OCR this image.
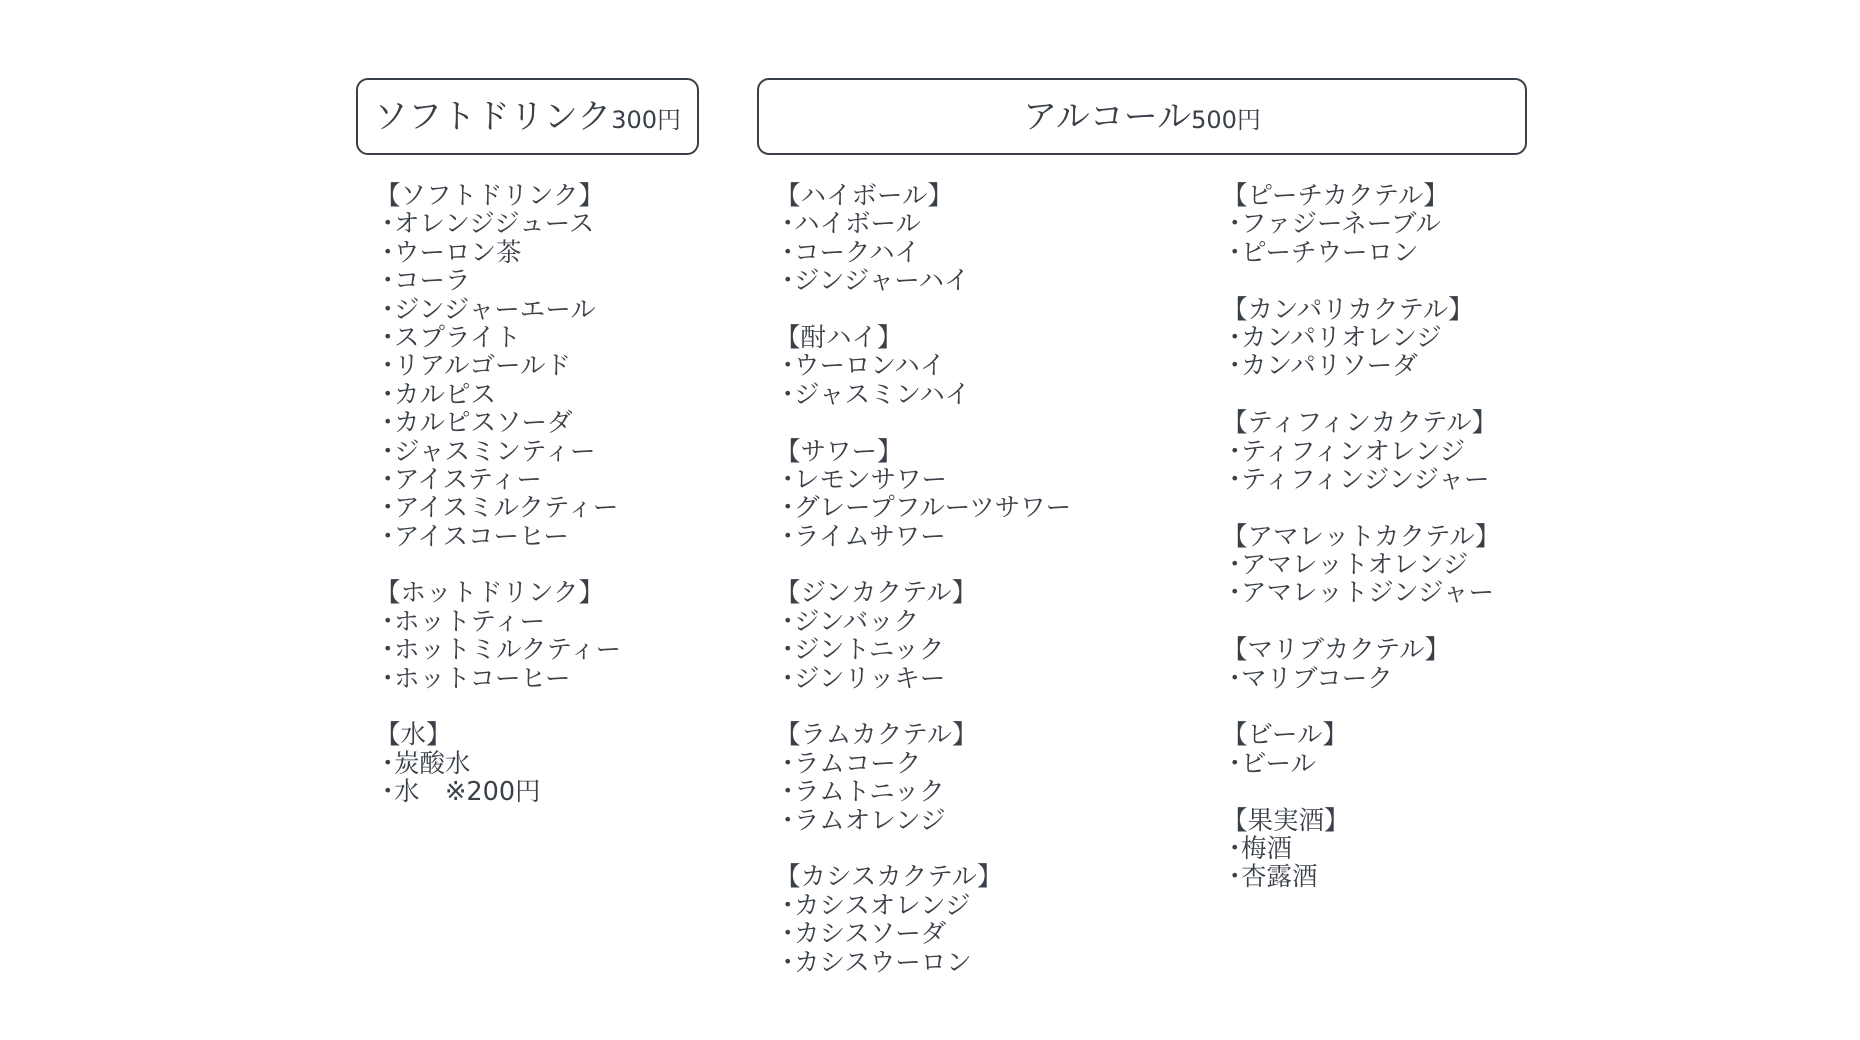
ソフトドリンク 300円	アルコール 500円
【ソフトドリンク】
・オレンジジュース
・ウーロン茶
・コーラ
・ジンジャーエール
・スプライト
・リアルゴールド
・カルピス
・カルピスソーダ
・ジャスミンティー
・アイスティー
・アイスミルクティー
・アイスコーヒー
【ホットドリンク】
・ホットティー
・ホットミルクティー
・ホットコーヒー
【水】
・炭酸水
・水　※200円
【ハイボール】
・ハイボール
・コークハイ
・ジンジャーハイ
【酎ハイ】
・ウーロンハイ
・ジャスミンハイ
【サワー】
・レモンサワー
・グレープフルーツサワー
・ライムサワー
【ジンカクテル】
・ジンバック
・ジントニック
・ジンリッキー
【ラムカクテル】
・ラムコーク
・ラムトニック
・ラムオレンジ
【カシスカクテル】
・カシスオレンジ
・カシスソーダ
・カシスウーロン
【ピーチカクテル】
・ファジーネーブル
・ピーチウーロン
【カンパリカクテル】
・カンパリオレンジ
・カンパリソーダ
【ティフィンカクテル】
・ティフィンオレンジ
・ティフィンジンジャー
【アマレットカクテル】
・アマレットオレンジ
・アマレットジンジャー
【マリブカクテル】
・マリブコーク
【ビール】
・ビール
【果実酒】
・梅酒
・杏露酒
